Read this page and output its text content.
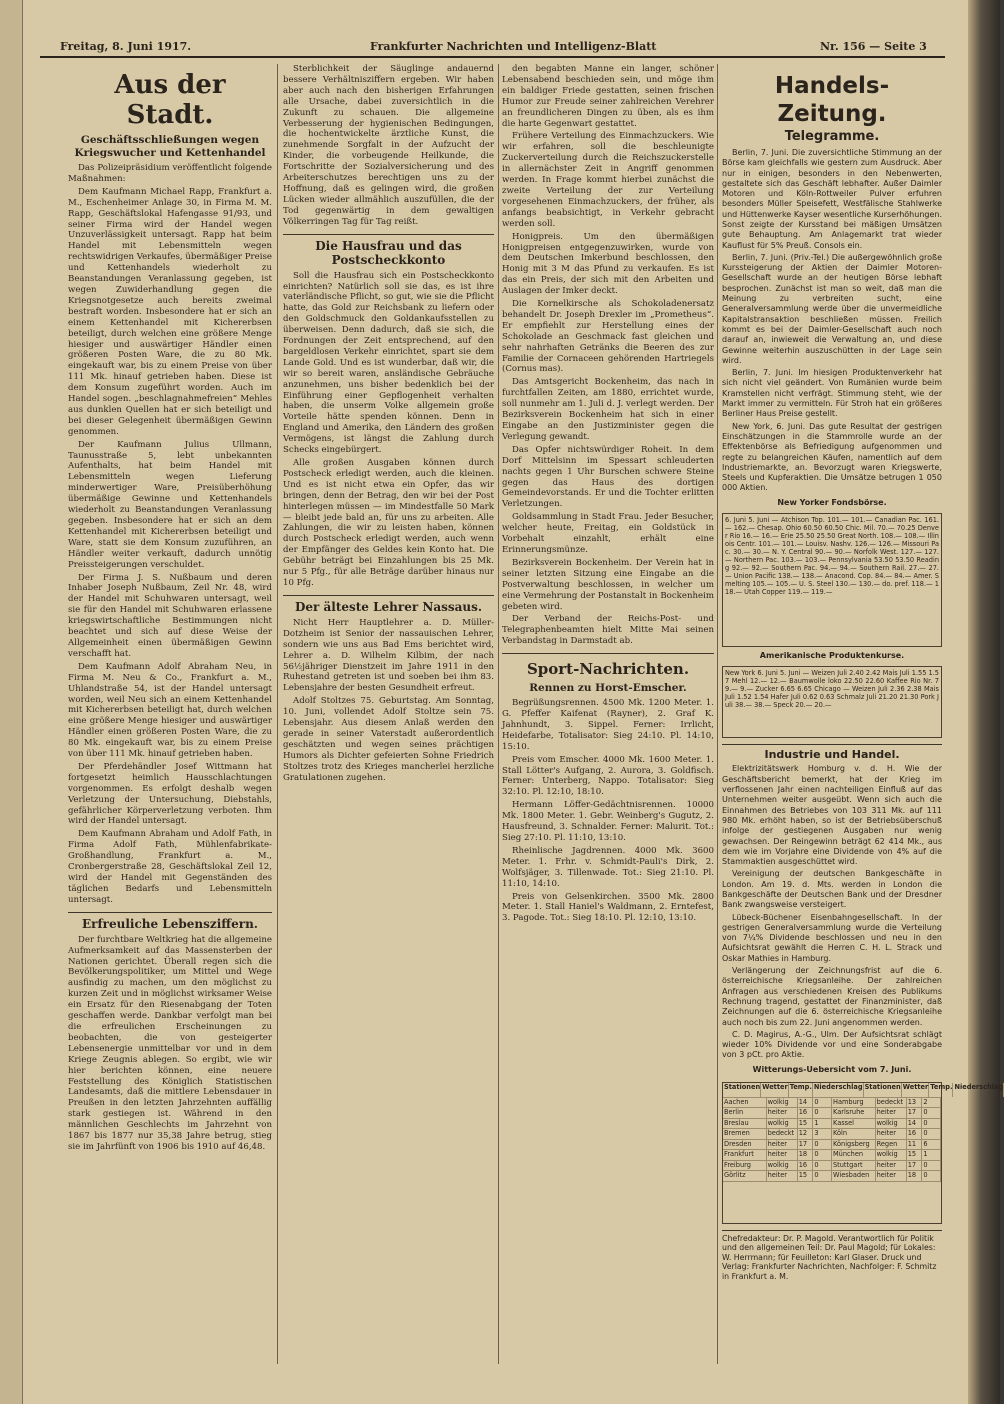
Freitag, 8. Juni 1917.	Frankfurter Nachrichten und Intelligenz-Blatt	Nr. 156 — Seite 3
Aus der Stadt.
Geschäftsschließungen wegen Kriegswucher und Kettenhandel

Das Polizeipräsidium veröffentlicht folgende Maßnahmen:

Dem Kaufmann Michael Rapp, Frankfurt a. M., Eschenheimer Anlage 30, in Firma M. M. Rapp, Geschäftslokal Hafengasse 91/93, und seiner Firma wird der Handel wegen Unzuverlässigkeit untersagt. Rapp hat beim Handel mit Lebensmitteln wegen rechtswidrigen Verkaufes, übermäßiger Preise und Kettenhandels wiederholt zu Beanstandungen Veranlassung gegeben, ist wegen Zuwiderhandlung gegen die Kriegsnotgesetze auch bereits zweimal bestraft worden. Insbesondere hat er sich an einem Kettenhandel mit Kichererbsen beteiligt, durch welchen eine größere Menge hiesiger und auswärtiger Händler einen größeren Posten Ware, die zu 80 Mk. eingekauft war, bis zu einem Preise von über 111 Mk. hinauf getrieben haben. Diese ist dem Konsum zugeführt worden. Auch im Handel sogen. „beschlagnahmefreien“ Mehles aus dunklen Quellen hat er sich beteiligt und bei dieser Gelegenheit übermäßigen Gewinn genommen.

Der Kaufmann Julius Ullmann, Taunusstraße 5, lebt unbekannten Aufenthalts, hat beim Handel mit Lebensmitteln wegen Lieferung minderwertiger Ware, Preisüberhöhung übermäßige Gewinne und Kettenhandels wiederholt zu Beanstandungen Veranlassung gegeben. Insbesondere hat er sich an dem Kettenhandel mit Kichererbsen beteiligt und Ware, statt sie dem Konsum zuzuführen, an Händler weiter verkauft, dadurch unnötig Preissteigerungen verschuldet.

Der Firma J. S. Nußbaum und deren Inhaber Joseph Nußbaum, Zeil Nr. 48, wird der Handel mit Schuhwaren untersagt, weil sie für den Handel mit Schuhwaren erlassene kriegswirtschaftliche Bestimmungen nicht beachtet und sich auf diese Weise der Allgemeinheit einen übermäßigen Gewinn verschafft hat.

Dem Kaufmann Adolf Abraham Neu, in Firma M. Neu & Co., Frankfurt a. M., Uhlandstraße 54, ist der Handel untersagt worden, weil Neu sich an einem Kettenhandel mit Kichererbsen beteiligt hat, durch welchen eine größere Menge hiesiger und auswärtiger Händler einen größeren Posten Ware, die zu 80 Mk. eingekauft war, bis zu einem Preise von über 111 Mk. hinauf getrieben haben.

Der Pferdehändler Josef Wittmann hat fortgesetzt heimlich Hausschlachtungen vorgenommen. Es erfolgt deshalb wegen Verletzung der Untersuchung, Diebstahls, gefährlicher Körperverletzung verboten. Ihm wird der Handel untersagt.

Dem Kaufmann Abraham und Adolf Fath, in Firma Adolf Fath, Mühlenfabrikate-Großhandlung, Frankfurt a. M., Cronbergerstraße 28, Geschäftslokal Zeil 12, wird der Handel mit Gegenständen des täglichen Bedarfs und Lebensmitteln untersagt.

Erfreuliche Lebensziffern.

Der furchtbare Weltkrieg hat die allgemeine Aufmerksamkeit auf das Massensterben der Nationen gerichtet. Überall regen sich die Bevölkerungspolitiker, um Mittel und Wege ausfindig zu machen, um den möglichst zu kurzen Zeit und in möglichst wirksamer Weise ein Ersatz für den Riesenabgang der Toten geschaffen werde. Dankbar verfolgt man bei die erfreulichen Erscheinungen zu beobachten, die von gesteigerter Lebensenergie unmittelbar vor und in dem Kriege Zeugnis ablegen. So ergibt, wie wir hier berichten können, eine neuere Feststellung des Königlich Statistischen Landesamts, daß die mittlere Lebensdauer in Preußen in den letzten Jahrzehnten auffällig stark gestiegen ist. Während in den männlichen Geschlechts im Jahrzehnt von 1867 bis 1877 nur 35,38 Jahre betrug, stieg sie im Jahrfünft von 1906 bis 1910 auf 46,48.

Sterblichkeit der Säuglinge andauernd bessere Verhältnisziffern ergeben. Wir haben aber auch nach den bisherigen Erfahrungen alle Ursache, dabei zuversichtlich in die Zukunft zu schauen. Die allgemeine Verbesserung der hygienischen Bedingungen, die hochentwickelte ärztliche Kunst, die zunehmende Sorgfalt in der Aufzucht der Kinder, die vorbeugende Heilkunde, die Fortschritte der Sozialversicherung und des Arbeiterschutzes berechtigen uns zu der Hoffnung, daß es gelingen wird, die großen Lücken wieder allmählich auszufüllen, die der Tod gegenwärtig in dem gewaltigen Völkerringen Tag für Tag reißt.

Die Hausfrau und das Postscheckkonto

Soll die Hausfrau sich ein Postscheckkonto einrichten? Natürlich soll sie das, es ist ihre vaterländische Pflicht, so gut, wie sie die Pflicht hatte, das Gold zur Reichsbank zu liefern oder den Goldschmuck den Goldankaufsstellen zu überweisen. Denn dadurch, daß sie sich, die Fordnungen der Zeit entsprechend, auf den bargeldlosen Verkehr einrichtet, spart sie dem Lande Gold. Und es ist wunderbar, daß wir, die wir so bereit waren, ansländische Gebräuche anzunehmen, uns bisher bedenklich bei der Einführung einer Gepflogenheit verhalten haben, die unserm Volke allgemein große Vorteile hätte spenden können. Denn in England und Amerika, den Ländern des großen Vermögens, ist längst die Zahlung durch Schecks eingebürgert.

Alle großen Ausgaben können durch Postscheck erledigt werden, auch die kleinen. Und es ist nicht etwa ein Opfer, das wir bringen, denn der Betrag, den wir bei der Post hinterlegen müssen — im Mindestfalle 50 Mark — bleibt jede bald an, für uns zu arbeiten. Alle Zahlungen, die wir zu leisten haben, können durch Postscheck erledigt werden, auch wenn der Empfänger des Geldes kein Konto hat. Die Gebühr beträgt bei Einzahlungen bis 25 Mk. nur 5 Pfg., für alle Beträge darüber hinaus nur 10 Pfg.

Der älteste Lehrer Nassaus.

Nicht Herr Hauptlehrer a. D. Müller-Dotzheim ist Senior der nassauischen Lehrer, sondern wie uns aus Bad Ems berichtet wird, Lehrer a. D. Wilhelm Kilbim, der nach 56½jähriger Dienstzeit im Jahre 1911 in den Ruhestand getreten ist und soeben bei ihm 83. Lebensjahre der besten Gesundheit erfreut.

Adolf Stoltzes 75. Geburtstag. Am Sonntag, 10. Juni, vollendet Adolf Stoltze sein 75. Lebensjahr. Aus diesem Anlaß werden den gerade in seiner Vaterstadt außerordentlich geschätzten und wegen seines prächtigen Humors als Dichter gefeierten Sohne Friedrich Stoltzes trotz des Krieges mancherlei herzliche Gratulationen zugehen.

den begabten Manne ein langer, schöner Lebensabend beschieden sein, und möge ihm ein baldiger Friede gestatten, seinen frischen Humor zur Freude seiner zahlreichen Verehrer an freundlicheren Dingen zu üben, als es ihm die harte Gegenwart gestattet.

Frühere Verteilung des Einmachzuckers. Wie wir erfahren, soll die beschleunigte Zuckerverteilung durch die Reichszuckerstelle in allernächster Zeit in Angriff genommen werden. In Frage kommt hierbei zunächst die zweite Verteilung der zur Verteilung vorgesehenen Einmachzuckers, der früher, als anfangs beabsichtigt, in Verkehr gebracht werden soll.

Honigpreis. Um den übermäßigen Honigpreisen entgegenzuwirken, wurde von dem Deutschen Imkerbund beschlossen, den Honig mit 3 M das Pfund zu verkaufen. Es ist das ein Preis, der sich mit den Arbeiten und Auslagen der Imker deckt.

Die Kornelkirsche als Schokoladenersatz behandelt Dr. Joseph Drexler im „Prometheus“. Er empfiehlt zur Herstellung eines der Schokolade an Geschmack fast gleichen und sehr nahrhaften Getränks die Beeren des zur Familie der Cornaceen gehörenden Hartriegels (Cornus mas).

Das Amtsgericht Bockenheim, das nach in furchtfallen Zeiten, am 1880, errichtet wurde, soll nunmehr am 1. Juli d. J. verlegt werden. Der Bezirksverein Bockenheim hat sich in einer Eingabe an den Justizminister gegen die Verlegung gewandt.

Das Opfer nichtswürdiger Roheit. In dem Dorf Mittelsinn im Spessart schleuderten nachts gegen 1 Uhr Burschen schwere Steine gegen das Haus des dortigen Gemeindevorstands. Er und die Tochter erlitten Verletzungen.

Goldsammlung in Stadt Frau. Jeder Besucher, welcher heute, Freitag, ein Goldstück in Vorbehalt einzahlt, erhält eine Erinnerungsmünze.

Bezirksverein Bockenheim. Der Verein hat in seiner letzten Sitzung eine Eingabe an die Postverwaltung beschlossen, in welcher um eine Vermehrung der Postanstalt in Bockenheim gebeten wird.

Der Verband der Reichs-Post- und Telegraphenbeamten hielt Mitte Mai seinen Verbandstag in Darmstadt ab.

Sport-Nachrichten.
Rennen zu Horst-Emscher.

Begrüßungsrennen. 4500 Mk. 1200 Meter. 1. G. Pfeffer Kaifenat (Rayner), 2. Graf K. Jahnhundt, 3. Sippel. Ferner: Irrlicht, Heidefarbe, Totalisator: Sieg 24:10. Pl. 14:10, 15:10.

Preis vom Emscher. 4000 Mk. 1600 Meter. 1. Stall Lötter's Aufgang, 2. Aurora, 3. Goldfisch. Ferner: Unterberg, Nappo. Totalisator: Sieg 32:10. Pl. 12:10, 18:10.

Hermann Löffer-Gedächtnisrennen. 10000 Mk. 1800 Meter. 1. Gebr. Weinberg's Gugutz, 2. Hausfreund, 3. Schnalder. Ferner: Malurit. Tot.: Sieg 27:10. Pl. 11:10, 13:10.

Rheinlische Jagdrennen. 4000 Mk. 3600 Meter. 1. Frhr. v. Schmidt-Pauli's Dirk, 2. Wolfsjäger, 3. Tillenwade. Tot.: Sieg 21:10. Pl. 11:10, 14:10.

Preis von Gelsenkirchen. 3500 Mk. 2800 Meter. 1. Stall Haniel's Waldmann, 2. Erntefest, 3. Pagode. Tot.: Sieg 18:10. Pl. 12:10, 13:10.

Handels-Zeitung.
Telegramme.

Berlin, 7. Juni. Die zuversichtliche Stimmung an der Börse kam gleichfalls wie gestern zum Ausdruck. Aber nur in einigen, besonders in den Nebenwerten, gestaltete sich das Geschäft lebhafter. Außer Daimler Motoren und Köln-Rottweiler Pulver erfuhren besonders Müller Speisefett, Westfälische Stahlwerke und Hüttenwerke Kayser wesentliche Kurserhöhungen. Sonst zeigte der Kursstand bei mäßigen Umsätzen gute Behauptung. Am Anlagemarkt trat wieder Kauflust für 5% Preuß. Consols ein.

Berlin, 7. Juni. (Priv.-Tel.) Die außergewöhnlich große Kurssteigerung der Aktien der Daimler Motoren-Gesellschaft wurde an der heutigen Börse lebhaft besprochen. Zunächst ist man so weit, daß man die Meinung zu verbreiten sucht, eine Generalversammlung werde über die unvermeidliche Kapitalstransaktion beschließen müssen. Freilich kommt es bei der Daimler-Gesellschaft auch noch darauf an, inwieweit die Verwaltung an, und diese Gewinne weiterhin auszuschütten in der Lage sein wird.

Berlin, 7. Juni. Im hiesigen Produktenverkehr hat sich nicht viel geändert. Von Rumänien wurde beim Kramstellen nicht verfrägt. Stimmung steht, wie der Markt immer zu vermitteln. Für Stroh hat ein größeres Berliner Haus Preise gestellt.

New York, 6. Juni. Das gute Resultat der gestrigen Einschätzungen in die Stammrolle wurde an der Effektenbörse als Befriedigung aufgenommen und regte zu belangreichen Käufen, namentlich auf dem Industriemarkte, an. Bevorzugt waren Kriegswerte, Steels und Kupferaktien. Die Umsätze betrugen 1 050 000 Aktien.

New Yorker Fondsbörse.
6. Juni 5. Juni — Atchison Top. 101.— 101.— Canadian Pac. 161.— 162.— Chesap. Ohio 60.50 60.50 Chic. Mil. 70.— 70.25 Denver Rio 16.— 16.— Erie 25.50 25.50 Great North. 108.— 108.— Illinois Centr. 101.— 101.— Louisv. Nashv. 126.— 126.— Missouri Pac. 30.— 30.— N. Y. Central 90.— 90.— Norfolk West. 127.— 127.— Northern Pac. 103.— 103.— Pennsylvania 53.50 53.50 Reading 92.— 92.— Southern Pac. 94.— 94.— Southern Rail. 27.— 27.— Union Pacific 138.— 138.— Anacond. Cop. 84.— 84.— Amer. Smelting 105.— 105.— U. S. Steel 130.— 130.— do. pref. 118.— 118.— Utah Copper 119.— 119.—
Amerikanische Produktenkurse.
New York 6. Juni 5. Juni — Weizen Juli 2.40 2.42 Mais Juli 1.55 1.57 Mehl 12.— 12.— Baumwolle loko 22.50 22.60 Kaffee Rio Nr. 7 9.— 9.— Zucker 6.65 6.65 Chicago — Weizen Juli 2.36 2.38 Mais Juli 1.52 1.54 Hafer Juli 0.62 0.63 Schmalz Juli 21.20 21.30 Pork Juli 38.— 38.— Speck 20.— 20.—
Industrie und Handel.

Elektrizitätswerk Homburg v. d. H. Wie der Geschäftsbericht bemerkt, hat der Krieg im verflossenen Jahr einen nachteiligen Einfluß auf das Unternehmen weiter ausgeübt. Wenn sich auch die Einnahmen des Betriebes von 103 311 Mk. auf 111 980 Mk. erhöht haben, so ist der Betriebsüberschuß infolge der gestiegenen Ausgaben nur wenig gewachsen. Der Reingewinn beträgt 62 414 Mk., aus dem wie im Vorjahre eine Dividende von 4% auf die Stammaktien ausgeschüttet wird.

Vereinigung der deutschen Bankgeschäfte in London. Am 19. d. Mts. werden in London die Bankgeschäfte der Deutschen Bank und der Dresdner Bank zwangsweise versteigert.

Lübeck-Büchener Eisenbahngesellschaft. In der gestrigen Generalversammlung wurde die Verteilung von 7¼% Dividende beschlossen und neu in den Aufsichtsrat gewählt die Herren C. H. L. Strack und Oskar Mathies in Hamburg.

Verlängerung der Zeichnungsfrist auf die 6. österreichische Kriegsanleihe. Der zahlreichen Anfragen aus verschiedenen Kreisen des Publikums Rechnung tragend, gestattet der Finanzminister, daß Zeichnungen auf die 6. österreichische Kriegsanleihe auch noch bis zum 22. Juni angenommen werden.

C. D. Magirus, A.-G., Ulm. Der Aufsichtsrat schlägt wieder 10% Dividende vor und eine Sonderabgabe von 3 pCt. pro Aktie.

Witterungs-Uebersicht vom 7. Juni.
Stationen Wetter Temp. Niederschlag Stationen Wetter Temp. Niederschlag
Aachen	wolkig	14	0	Hamburg	bedeckt 13	2
Berlin	heiter	16	0	Karlsruhe	heiter	17	0
Breslau	wolkig	15	1	Kassel	wolkig	14	0
Bremen	bedeckt 12	3	Köln	heiter	16	0
Dresden	heiter	17	0	Königsberg	Regen	11	6
Frankfurt	heiter	18	0	München	wolkig	15	1
Freiburg	wolkig	16	0	Stuttgart	heiter	17	0
Görlitz	heiter	15	0	Wiesbaden	heiter	18	0
Chefredakteur: Dr. P. Magold. Verantwortlich für Politik und den allgemeinen Teil: Dr. Paul Magold; für Lokales: W. Herrmann; für Feuilleton: Karl Glaser. Druck und Verlag: Frankfurter Nachrichten, Nachfolger: F. Schmitz in Frankfurt a. M.
